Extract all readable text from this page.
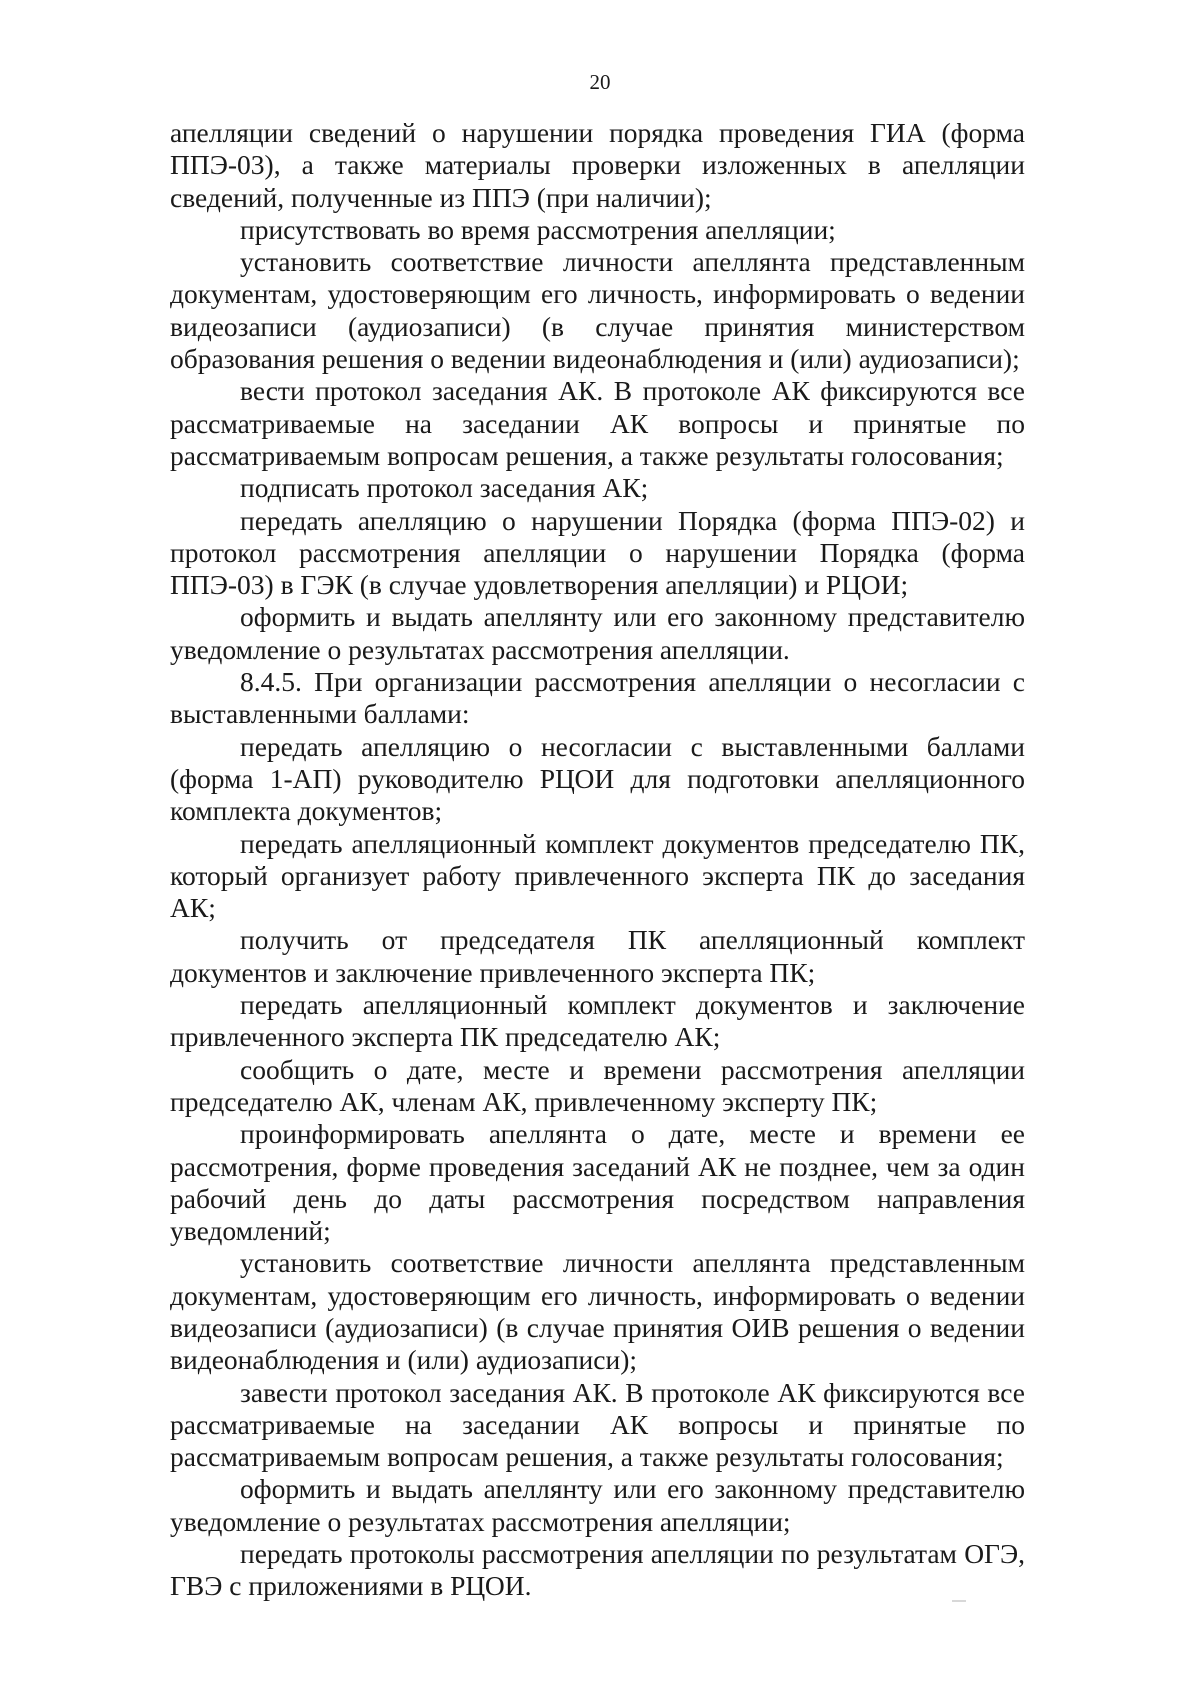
20

апелляции сведений о нарушении порядка проведения ГИА (форма ППЭ-03), а также материалы проверки изложенных в апелляции сведений, полученные из ППЭ (при наличии);

присутствовать во время рассмотрения апелляции;

установить соответствие личности апеллянта представленным документам, удостоверяющим его личность, информировать о ведении видеозаписи (аудиозаписи) (в случае принятия министерством образования решения о ведении видеонаблюдения и (или) аудиозаписи);

вести протокол заседания АК. В протоколе АК фиксируются все рассматриваемые на заседании АК вопросы и принятые по рассматриваемым вопросам решения, а также результаты голосования;

подписать протокол заседания АК;

передать апелляцию о нарушении Порядка (форма ППЭ-02) и протокол рассмотрения апелляции о нарушении Порядка (форма ППЭ-03) в ГЭК (в случае удовлетворения апелляции) и РЦОИ;

оформить и выдать апеллянту или его законному представителю уведомление о результатах рассмотрения апелляции.

8.4.5. При организации рассмотрения апелляции о несогласии с выставленными баллами:

передать апелляцию о несогласии с выставленными баллами (форма 1-АП) руководителю РЦОИ для подготовки апелляционного комплекта документов;

передать апелляционный комплект документов председателю ПК, который организует работу привлеченного эксперта ПК до заседания АК;

получить от председателя ПК апелляционный комплект документов и заключение привлеченного эксперта ПК;

передать апелляционный комплект документов и заключение привлеченного эксперта ПК председателю АК;

сообщить о дате, месте и времени рассмотрения апелляции председателю АК, членам АК, привлеченному эксперту ПК;

проинформировать апеллянта о дате, месте и времени ее рассмотрения, форме проведения заседаний АК не позднее, чем за один рабочий день до даты рассмотрения посредством направления уведомлений;

установить соответствие личности апеллянта представленным документам, удостоверяющим его личность, информировать о ведении видеозаписи (аудиозаписи) (в случае принятия ОИВ решения о ведении видеонаблюдения и (или) аудиозаписи);

завести протокол заседания АК. В протоколе АК фиксируются все рассматриваемые на заседании АК вопросы и принятые по рассматриваемым вопросам решения, а также результаты голосования;

оформить и выдать апеллянту или его законному представителю уведомление о результатах рассмотрения апелляции;

передать протоколы рассмотрения апелляции по результатам ОГЭ, ГВЭ с приложениями в РЦОИ.
